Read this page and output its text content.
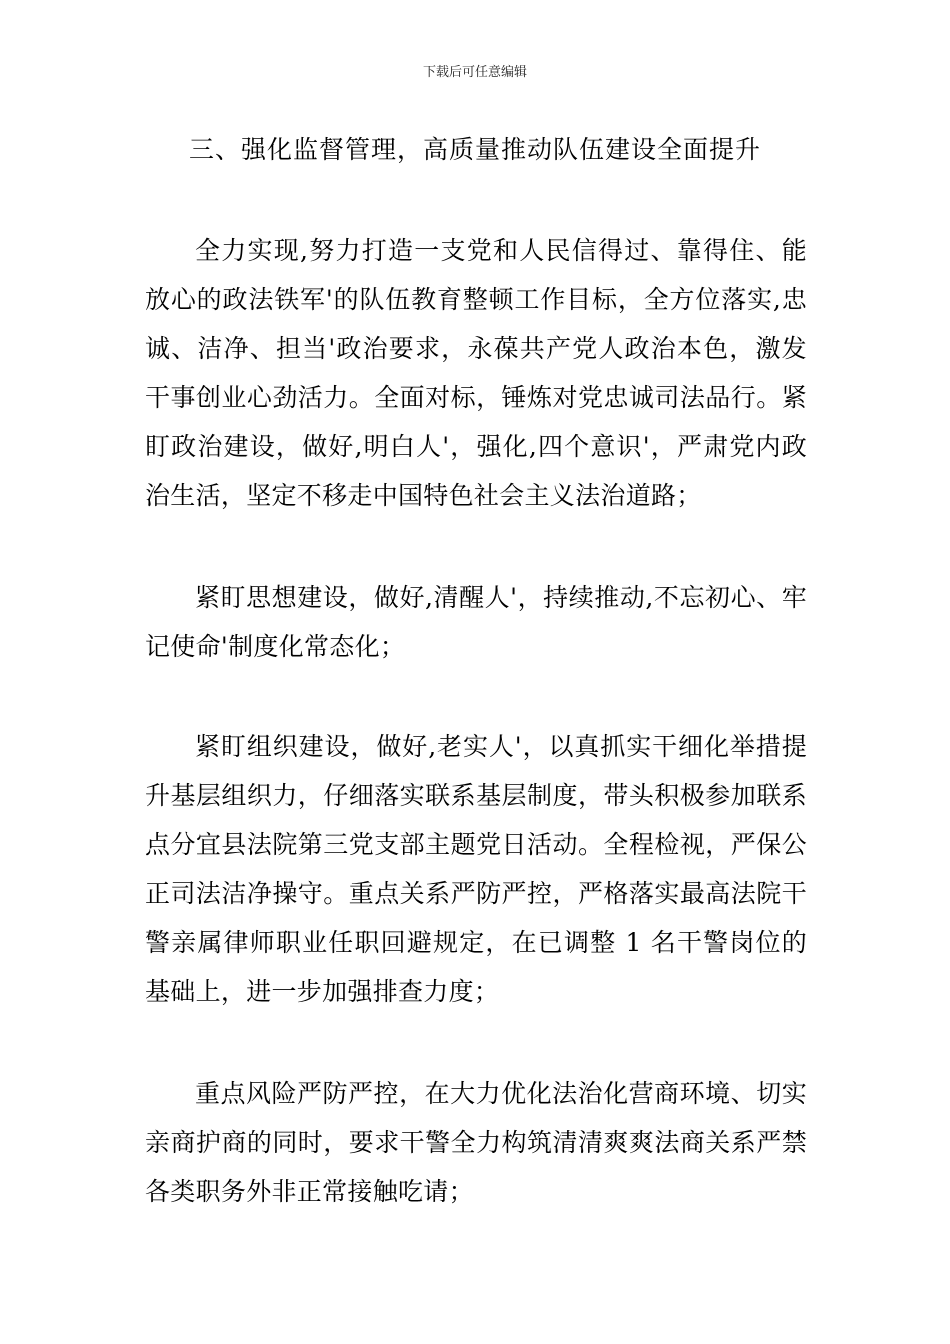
下载后可任意编辑
三、强化监督管理，高质量推动队伍建设全面提升

全力实现,努力打造一支党和人民信得过、靠得住、能放心的政法铁军'的队伍教育整顿工作目标，全方位落实,忠诚、洁净、担当'政治要求，永葆共产党人政治本色，激发干事创业心劲活力。全面对标，锤炼对党忠诚司法品行。紧盯政治建设，做好,明白人'，强化,四个意识'，严肃党内政治生活，坚定不移走中国特色社会主义法治道路；

紧盯思想建设，做好,清醒人'，持续推动,不忘初心、牢记使命'制度化常态化；

紧盯组织建设，做好,老实人'，以真抓实干细化举措提升基层组织力，仔细落实联系基层制度，带头积极参加联系点分宜县法院第三党支部主题党日活动。全程检视，严保公正司法洁净操守。重点关系严防严控，严格落实最高法院干警亲属律师职业任职回避规定，在已调整 1 名干警岗位的基础上，进一步加强排查力度；

重点风险严防严控，在大力优化法治化营商环境、切实亲商护商的同时，要求干警全力构筑清清爽爽法商关系严禁各类职务外非正常接触吃请；
